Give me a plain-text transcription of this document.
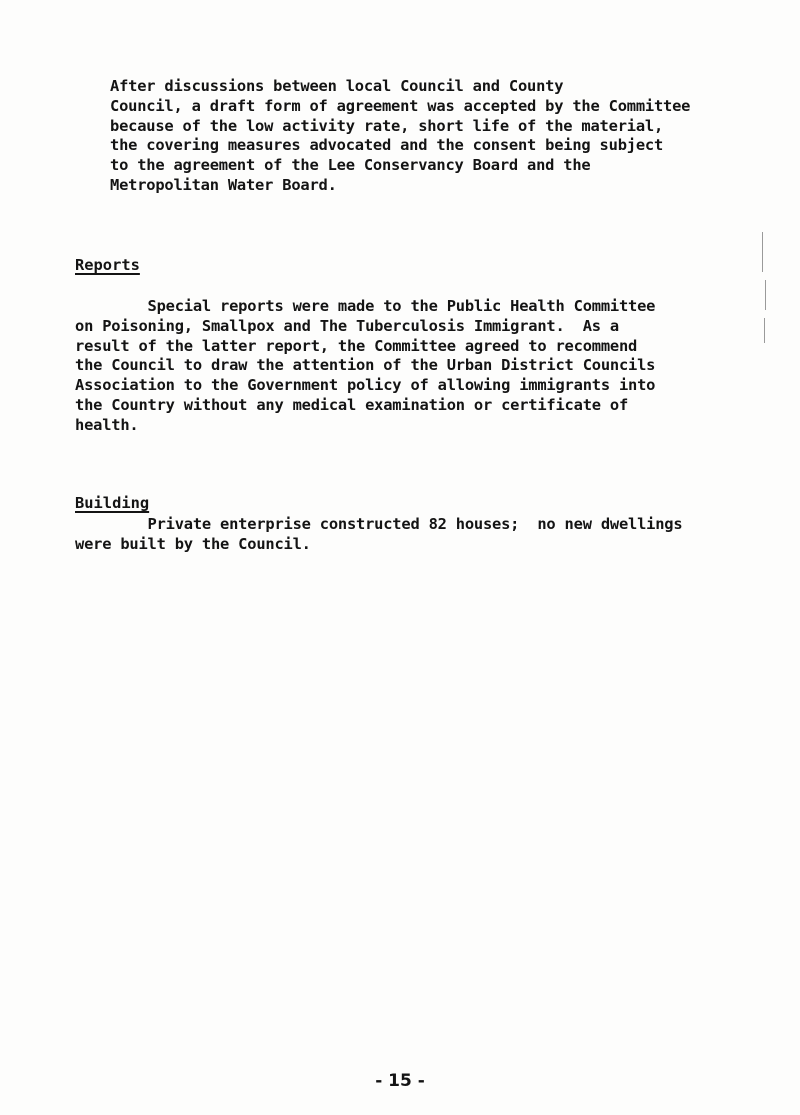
After discussions between local Council and County
Council, a draft form of agreement was accepted by the Committee
because of the low activity rate, short life of the material,
the covering measures advocated and the consent being subject
to the agreement of the Lee Conservancy Board and the
Metropolitan Water Board.

Reports

Special reports were made to the Public Health Committee
on Poisoning, Smallpox and The Tuberculosis Immigrant.  As a
result of the latter report, the Committee agreed to recommend
the Council to draw the attention of the Urban District Councils
Association to the Government policy of allowing immigrants into
the Country without any medical examination or certificate of
health.

Building

Private enterprise constructed 82 houses;  no new dwellings
were built by the Council.

- 15 -
